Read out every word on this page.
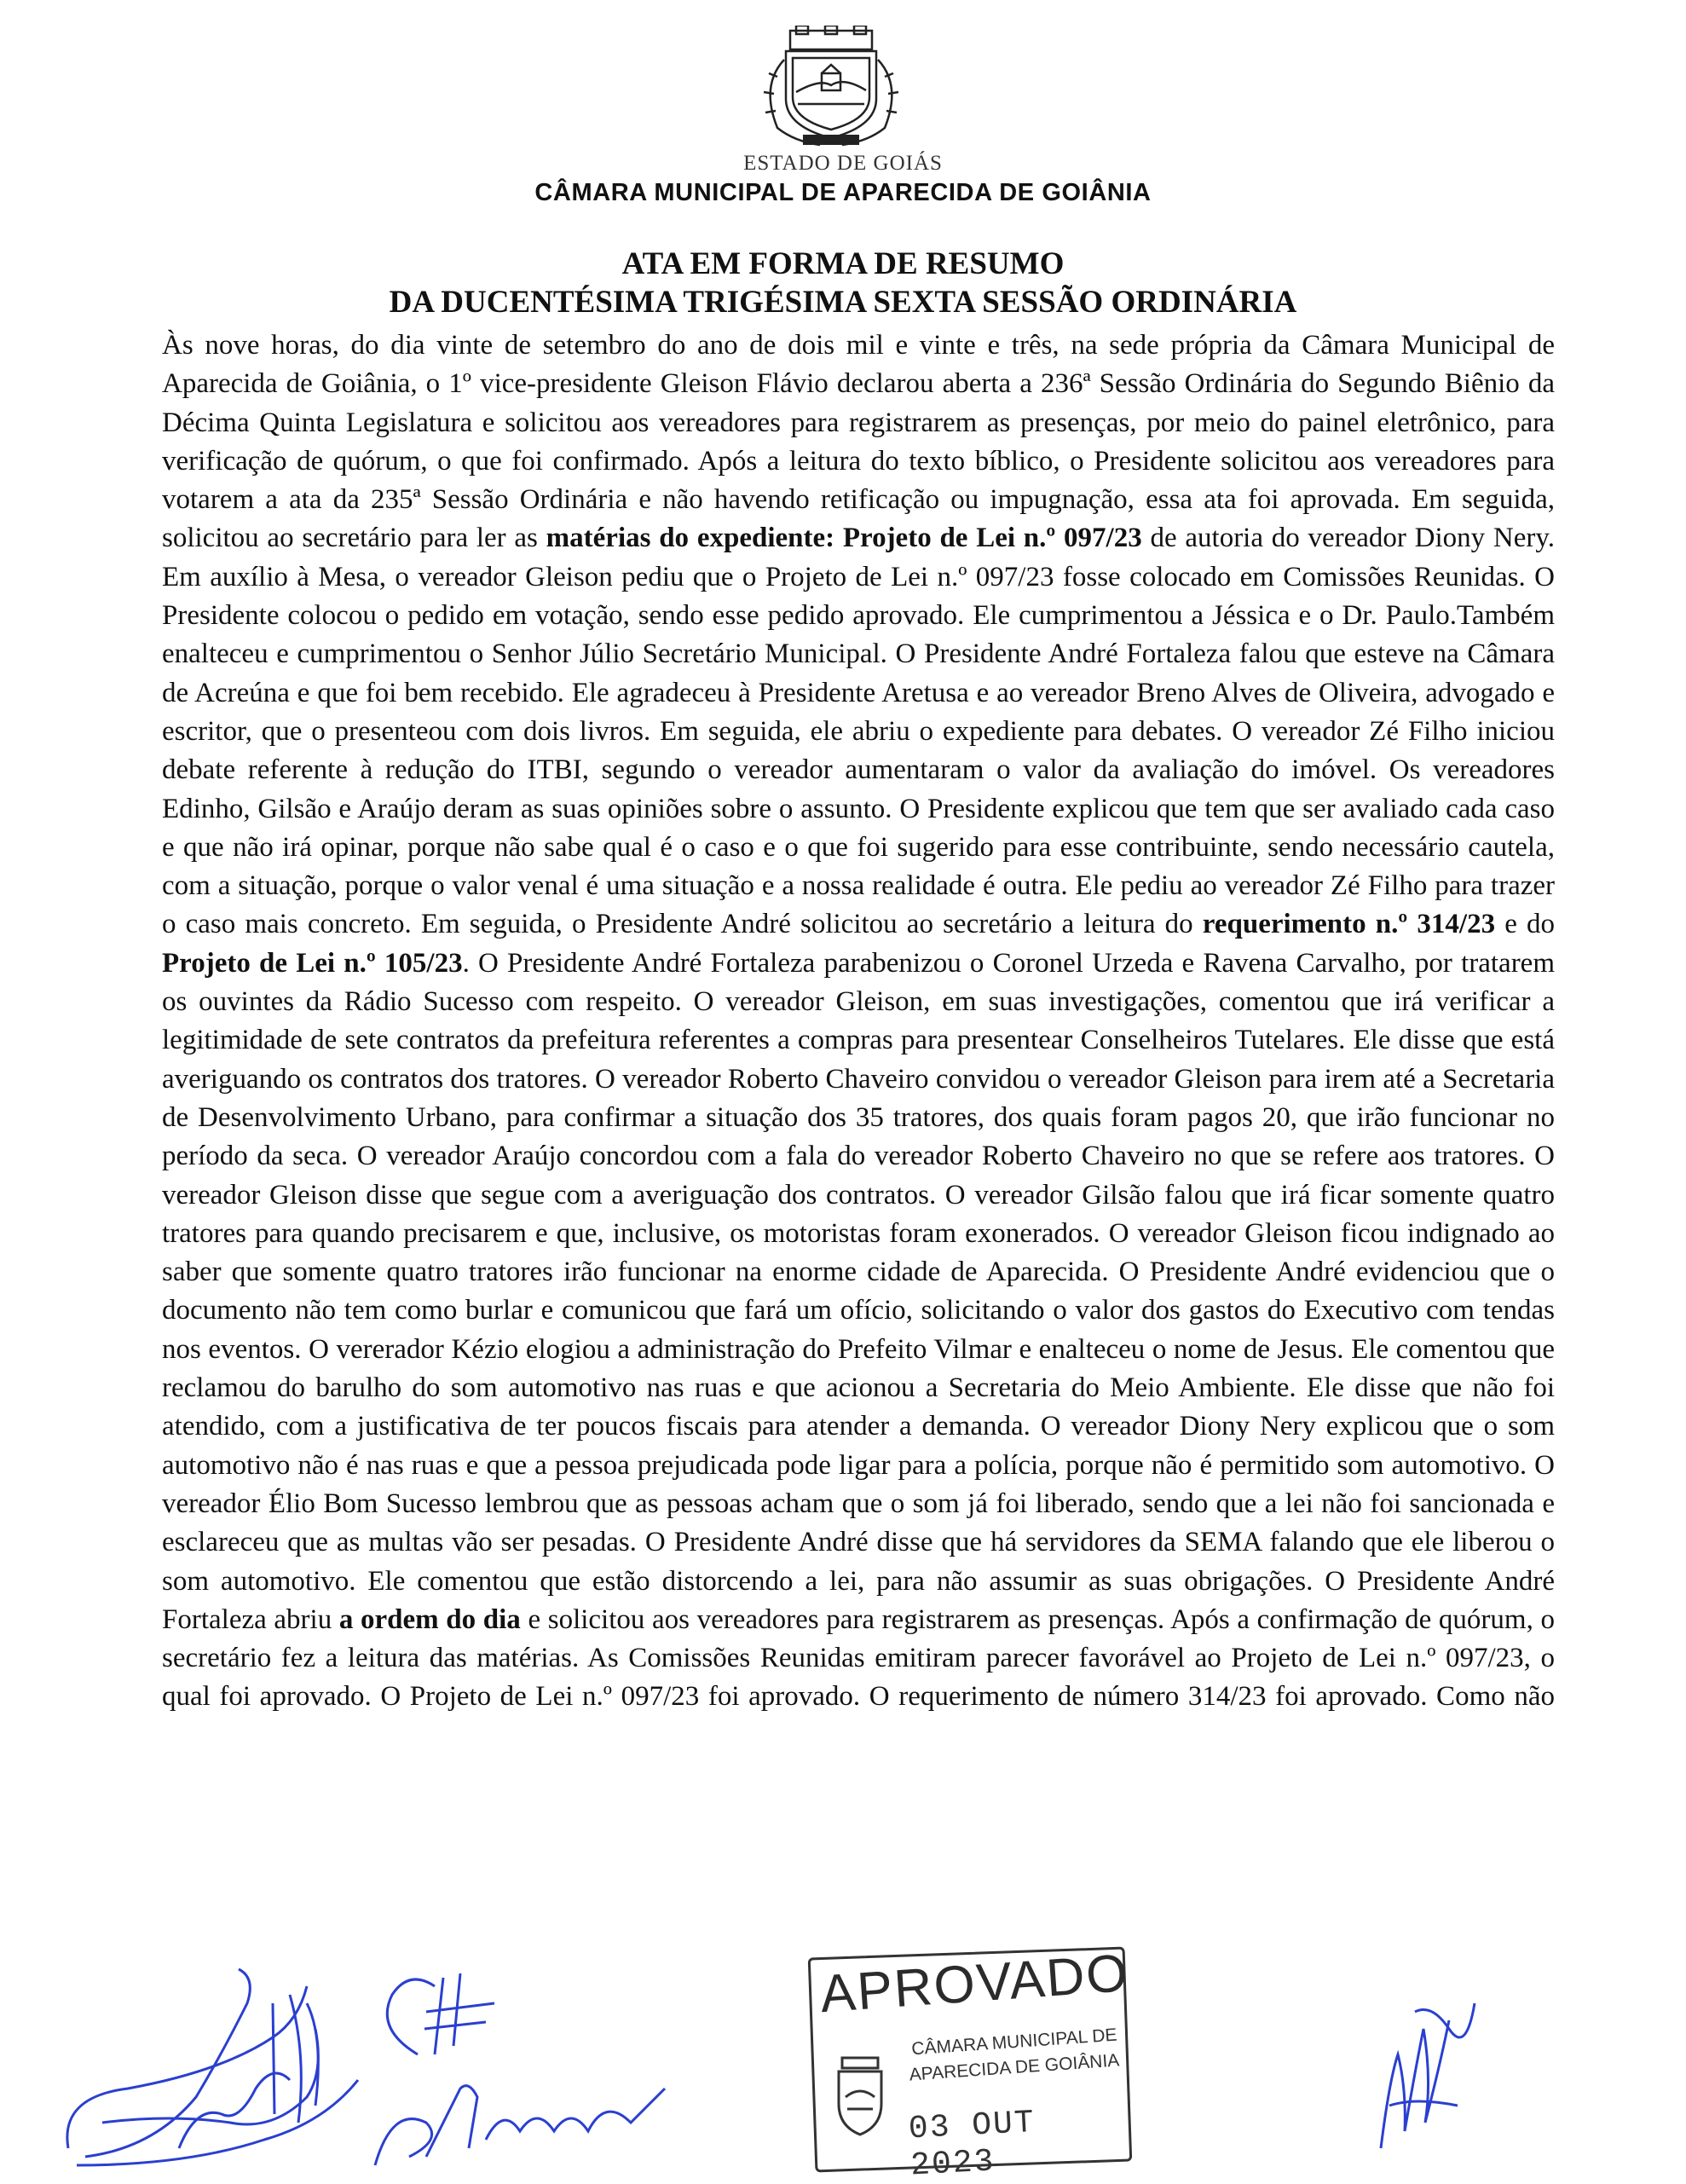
ESTADO DE GOIÁS
CÂMARA MUNICIPAL DE APARECIDA DE GOIÂNIA
ATA EM FORMA DE RESUMO
DA DUCENTÉSIMA TRIGÉSIMA SEXTA SESSÃO ORDINÁRIA
Às nove horas, do dia vinte de setembro do ano de dois mil e vinte e três, na sede própria da Câmara Municipal de Aparecida de Goiânia, o 1º vice-presidente Gleison Flávio declarou aberta a 236ª Sessão Ordinária do Segundo Biênio da Décima Quinta Legislatura e solicitou aos vereadores para registrarem as presenças, por meio do painel eletrônico, para verificação de quórum, o que foi confirmado. Após a leitura do texto bíblico, o Presidente solicitou aos vereadores para votarem a ata da 235ª Sessão Ordinária e não havendo retificação ou impugnação, essa ata foi aprovada. Em seguida, solicitou ao secretário para ler as matérias do expediente: Projeto de Lei n.º 097/23 de autoria do vereador Diony Nery. Em auxílio à Mesa, o vereador Gleison pediu que o Projeto de Lei n.º 097/23 fosse colocado em Comissões Reunidas. O Presidente colocou o pedido em votação, sendo esse pedido aprovado. Ele cumprimentou a Jéssica e o Dr. Paulo.Também enalteceu e cumprimentou o Senhor Júlio Secretário Municipal. O Presidente André Fortaleza falou que esteve na Câmara de Acreúna e que foi bem recebido. Ele agradeceu à Presidente Aretusa e ao vereador Breno Alves de Oliveira, advogado e escritor, que o presenteou com dois livros. Em seguida, ele abriu o expediente para debates. O vereador Zé Filho iniciou debate referente à redução do ITBI, segundo o vereador aumentaram o valor da avaliação do imóvel. Os vereadores Edinho, Gilsão e Araújo deram as suas opiniões sobre o assunto. O Presidente explicou que tem que ser avaliado cada caso e que não irá opinar, porque não sabe qual é o caso e o que foi sugerido para esse contribuinte, sendo necessário cautela, com a situação, porque o valor venal é uma situação e a nossa realidade é outra. Ele pediu ao vereador Zé Filho para trazer o caso mais concreto. Em seguida, o Presidente André solicitou ao secretário a leitura do requerimento n.º 314/23 e do Projeto de Lei n.º 105/23. O Presidente André Fortaleza parabenizou o Coronel Urzeda e Ravena Carvalho, por tratarem os ouvintes da Rádio Sucesso com respeito. O vereador Gleison, em suas investigações, comentou que irá verificar a legitimidade de sete contratos da prefeitura referentes a compras para presentear Conselheiros Tutelares. Ele disse que está averiguando os contratos dos tratores. O vereador Roberto Chaveiro convidou o vereador Gleison para irem até a Secretaria de Desenvolvimento Urbano, para confirmar a situação dos 35 tratores, dos quais foram pagos 20, que irão funcionar no período da seca. O vereador Araújo concordou com a fala do vereador Roberto Chaveiro no que se refere aos tratores. O vereador Gleison disse que segue com a averiguação dos contratos. O vereador Gilsão falou que irá ficar somente quatro tratores para quando precisarem e que, inclusive, os motoristas foram exonerados. O vereador Gleison ficou indignado ao saber que somente quatro tratores irão funcionar na enorme cidade de Aparecida. O Presidente André evidenciou que o documento não tem como burlar e comunicou que fará um ofício, solicitando o valor dos gastos do Executivo com tendas nos eventos. O vererador Kézio elogiou a administração do Prefeito Vilmar e enalteceu o nome de Jesus. Ele comentou que reclamou do barulho do som automotivo nas ruas e que acionou a Secretaria do Meio Ambiente. Ele disse que não foi atendido, com a justificativa de ter poucos fiscais para atender a demanda. O vereador Diony Nery explicou que o som automotivo não é nas ruas e que a pessoa prejudicada pode ligar para a polícia, porque não é permitido som automotivo. O vereador Élio Bom Sucesso lembrou que as pessoas acham que o som já foi liberado, sendo que a lei não foi sancionada e esclareceu que as multas vão ser pesadas. O Presidente André disse que há servidores da SEMA falando que ele liberou o som automotivo. Ele comentou que estão distorcendo a lei, para não assumir as suas obrigações. O Presidente André Fortaleza abriu a ordem do dia e solicitou aos vereadores para registrarem as presenças. Após a confirmação de quórum, o secretário fez a leitura das matérias. As Comissões Reunidas emitiram parecer favorável ao Projeto de Lei n.º 097/23, o qual foi aprovado. O Projeto de Lei n.º 097/23 foi aprovado. O requerimento de número 314/23 foi aprovado. Como não
APROVADO
CÂMARA MUNICIPAL DE
APARECIDA DE GOIÂNIA
03 OUT 2023
